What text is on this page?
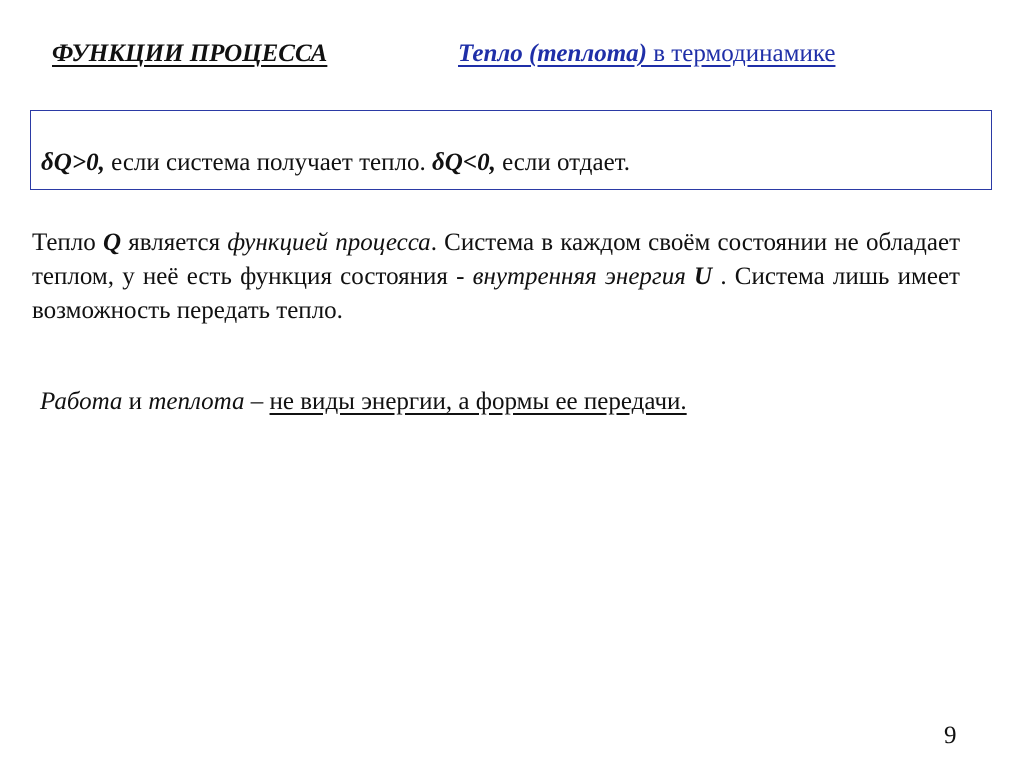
ФУНКЦИИ ПРОЦЕССА	Тепло (теплота) в термодинамике
δQ>0, если система получает тепло. δQ<0, если отдает.
Тепло Q является функцией процесса. Система в каждом своём состоянии не обладает теплом, у неё есть функция состояния - внутренняя энергия U . Система лишь имеет возможность передать тепло.
Работа и теплота – не виды энергии, а формы ее передачи.
9
